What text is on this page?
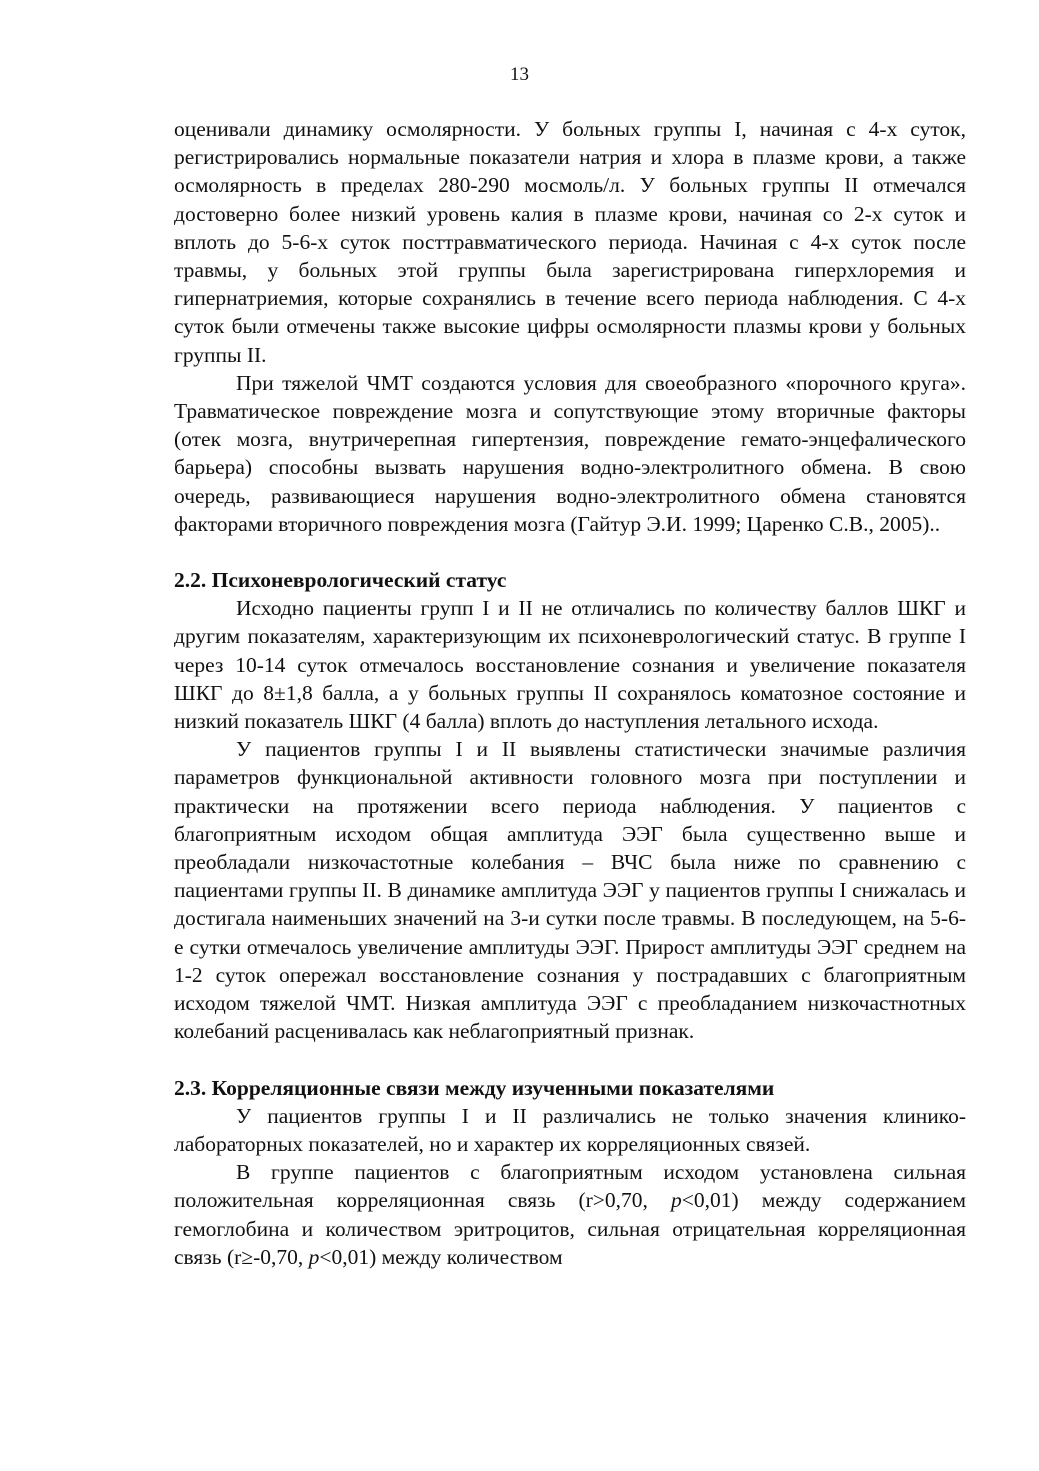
13

оценивали динамику осмолярности. У больных группы I, начиная с 4-х суток, регистрировались нормальные показатели натрия и хлора в плазме крови, а также осмолярность в пределах 280-290 мосмоль/л. У больных группы II отмечался достоверно более низкий уровень калия в плазме крови, начиная со 2-х суток и вплоть до 5-6-х суток посттравматического периода. Начиная с 4-х суток после травмы, у больных этой группы была зарегистрирована гиперхлоремия и гипернатриемия, которые сохранялись в течение всего периода наблюдения. С 4-х суток были отмечены также высокие цифры осмолярности плазмы крови у больных группы II.

При тяжелой ЧМТ создаются условия для своеобразного «порочного круга». Травматическое повреждение мозга и сопутствующие этому вторичные факторы (отек мозга, внутричерепная гипертензия, повреждение гемато-энцефалического барьера) способны вызвать нарушения водно-электролитного обмена. В свою очередь, развивающиеся нарушения водно-электролитного обмена становятся факторами вторичного повреждения мозга (Гайтур Э.И. 1999; Царенко С.В., 2005)..

2.2. Психоневрологический статус

Исходно пациенты групп I и II не отличались по количеству баллов ШКГ и другим показателям, характеризующим их психоневрологический статус. В группе I через 10-14 суток отмечалось восстановление сознания и увеличение показателя ШКГ до 8±1,8 балла, а у больных группы II сохранялось коматозное состояние и низкий показатель ШКГ (4 балла) вплоть до наступления летального исхода.

У пациентов группы I и II выявлены статистически значимые различия параметров функциональной активности головного мозга при поступлении и практически на протяжении всего периода наблюдения. У пациентов с благоприятным исходом общая амплитуда ЭЭГ была существенно выше и преобладали низкочастотные колебания – ВЧС была ниже по сравнению с пациентами группы II. В динамике амплитуда ЭЭГ у пациентов группы I снижалась и достигала наименьших значений на 3-и сутки после травмы. В последующем, на 5-6-е сутки отмечалось увеличение амплитуды ЭЭГ. Прирост амплитуды ЭЭГ среднем на 1-2 суток опережал восстановление сознания у пострадавших с благоприятным исходом тяжелой ЧМТ. Низкая амплитуда ЭЭГ с преобладанием низкочастнотных колебаний расценивалась как неблагоприятный признак.

2.3. Корреляционные связи между изученными показателями

У пациентов группы I и II различались не только значения клинико-лабораторных показателей, но и характер их корреляционных связей.

В группе пациентов с благоприятным исходом установлена сильная положительная корреляционная связь (r>0,70, p<0,01) между содержанием гемоглобина и количеством эритроцитов, сильная отрицательная корреляционная связь (r≥-0,70, p<0,01) между количеством
